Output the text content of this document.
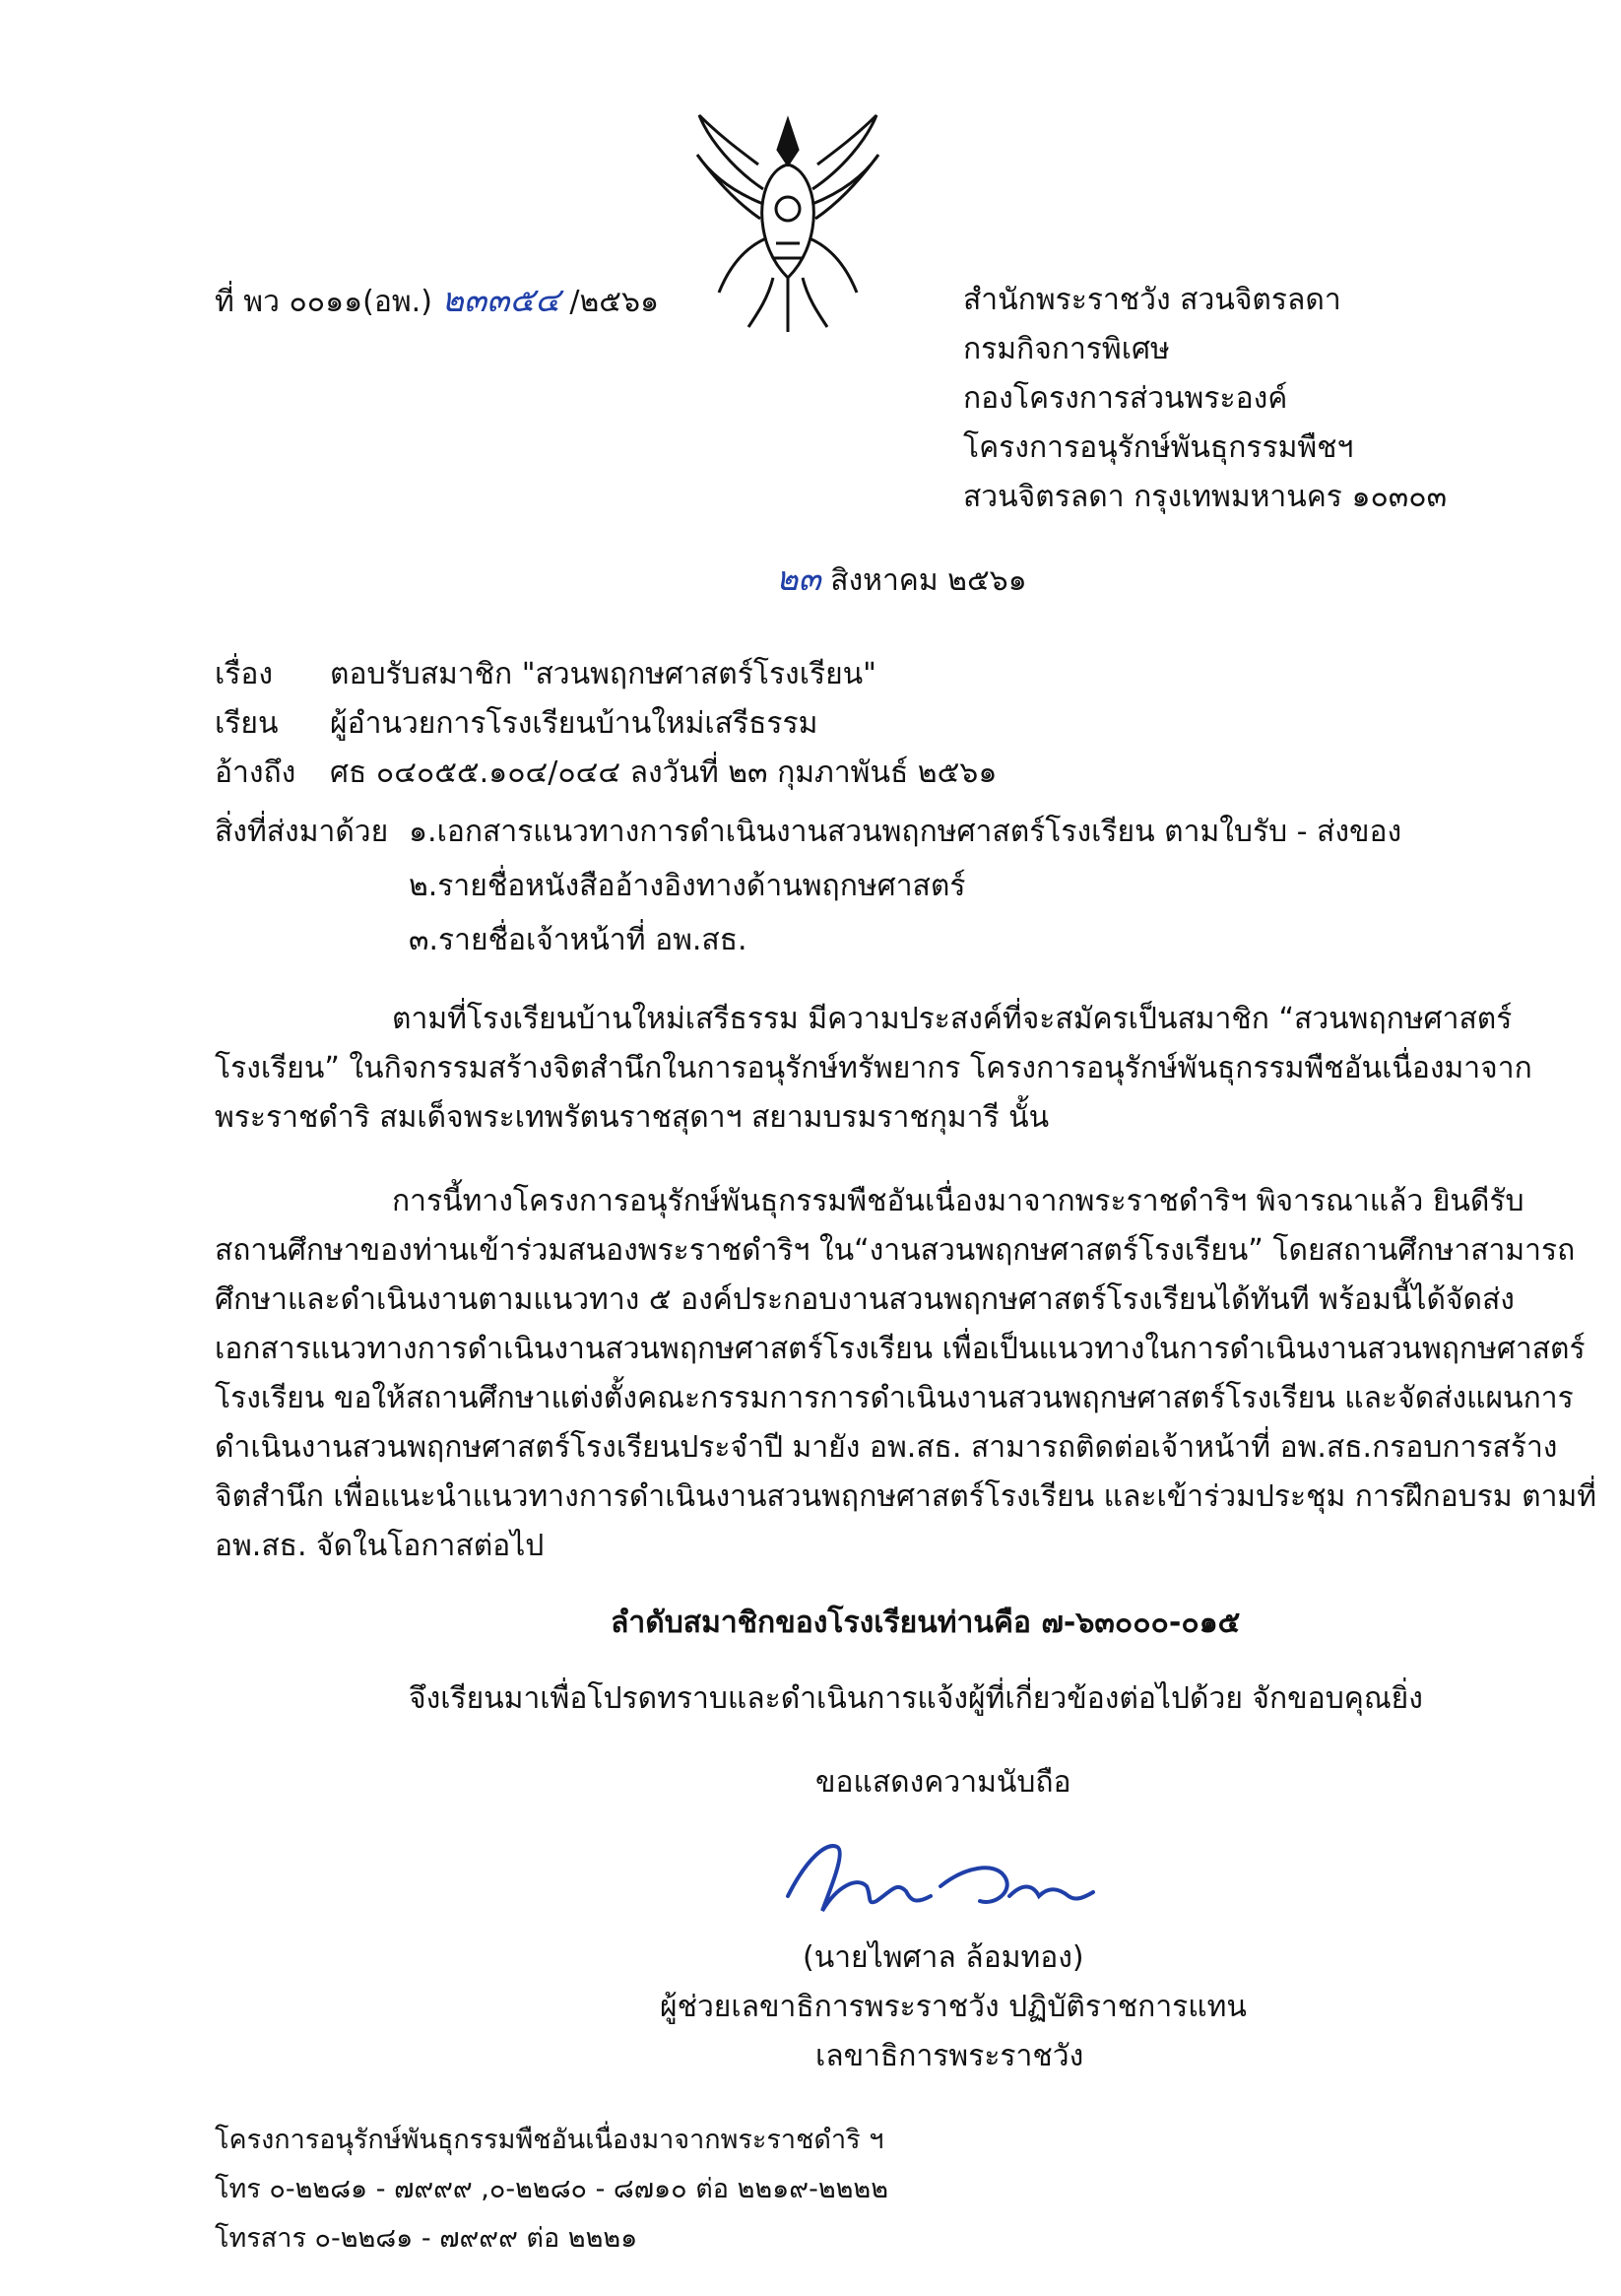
ที่ พว ๐๐๑๑(อพ.) ๒๓๓๕๔ /๒๕๖๑	สำนักพระราชวัง สวนจิตรลดา
กรมกิจการพิเศษ
กองโครงการส่วนพระองค์
โครงการอนุรักษ์พันธุกรรมพืชฯ
สวนจิตรลดา กรุงเทพมหานคร ๑๐๓๐๓
๒๓ สิงหาคม ๒๕๖๑
เรื่อง ตอบรับสมาชิก "สวนพฤกษศาสตร์โรงเรียน"
เรียน ผู้อำนวยการโรงเรียนบ้านใหม่เสรีธรรม
อ้างถึง ศธ ๐๔๐๕๕.๑๐๔/๐๔๔ ลงวันที่ ๒๓ กุมภาพันธ์ ๒๕๖๑
สิ่งที่ส่งมาด้วย ๑.เอกสารแนวทางการดำเนินงานสวนพฤกษศาสตร์โรงเรียน ตามใบรับ - ส่งของ
๒.รายชื่อหนังสืออ้างอิงทางด้านพฤกษศาสตร์
๓.รายชื่อเจ้าหน้าที่ อพ.สธ.
ตามที่โรงเรียนบ้านใหม่เสรีธรรม มีความประสงค์ที่จะสมัครเป็นสมาชิก “สวนพฤกษศาสตร์
โรงเรียน” ในกิจกรรมสร้างจิตสำนึกในการอนุรักษ์ทรัพยากร โครงการอนุรักษ์พันธุกรรมพืชอันเนื่องมาจาก
พระราชดำริ สมเด็จพระเทพรัตนราชสุดาฯ สยามบรมราชกุมารี นั้น
การนี้ทางโครงการอนุรักษ์พันธุกรรมพืชอันเนื่องมาจากพระราชดำริฯ พิจารณาแล้ว ยินดีรับ
สถานศึกษาของท่านเข้าร่วมสนองพระราชดำริฯ ใน“งานสวนพฤกษศาสตร์โรงเรียน” โดยสถานศึกษาสามารถ
ศึกษาและดำเนินงานตามแนวทาง ๕ องค์ประกอบงานสวนพฤกษศาสตร์โรงเรียนได้ทันที พร้อมนี้ได้จัดส่ง
เอกสารแนวทางการดำเนินงานสวนพฤกษศาสตร์โรงเรียน เพื่อเป็นแนวทางในการดำเนินงานสวนพฤกษศาสตร์
โรงเรียน ขอให้สถานศึกษาแต่งตั้งคณะกรรมการการดำเนินงานสวนพฤกษศาสตร์โรงเรียน และจัดส่งแผนการ
ดำเนินงานสวนพฤกษศาสตร์โรงเรียนประจำปี มายัง อพ.สธ. สามารถติดต่อเจ้าหน้าที่ อพ.สธ.กรอบการสร้าง
จิตสำนึก เพื่อแนะนำแนวทางการดำเนินงานสวนพฤกษศาสตร์โรงเรียน และเข้าร่วมประชุม การฝึกอบรม ตามที่
อพ.สธ. จัดในโอกาสต่อไป
ลำดับสมาชิกของโรงเรียนท่านคือ ๗-๖๓๐๐๐-๐๑๕
จึงเรียนมาเพื่อโปรดทราบและดำเนินการแจ้งผู้ที่เกี่ยวข้องต่อไปด้วย จักขอบคุณยิ่ง
ขอแสดงความนับถือ
(นายไพศาล ล้อมทอง)
ผู้ช่วยเลขาธิการพระราชวัง ปฏิบัติราชการแทน
เลขาธิการพระราชวัง
โครงการอนุรักษ์พันธุกรรมพืชอันเนื่องมาจากพระราชดำริ ฯ
โทร ๐-๒๒๘๑ - ๗๙๙๙ ,๐-๒๒๘๐ - ๘๗๑๐ ต่อ ๒๒๑๙-๒๒๒๒
โทรสาร ๐-๒๒๘๑ - ๗๙๙๙ ต่อ ๒๒๒๑
